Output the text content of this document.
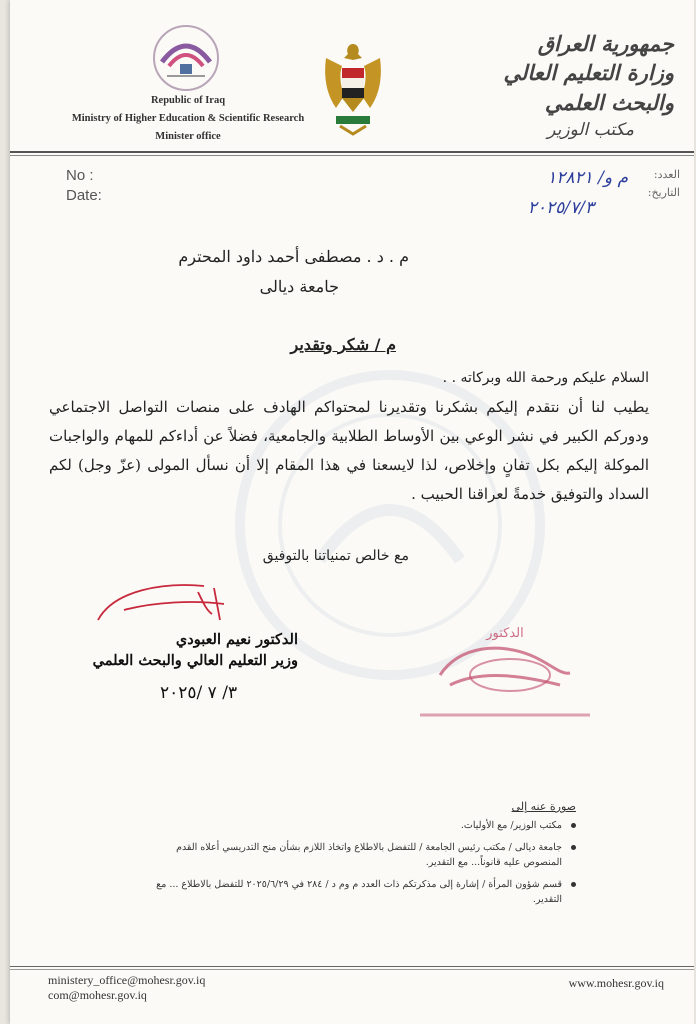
Republic of Iraq
Ministry of Higher Education & Scientific Research
Minister office
جمهورية العراق
وزارة التعليم العالي والبحث العلمي
مكتب الوزير
No :
Date:
العدد:
التاريخ:
م و/ ١٢٨٢١
٢٠٢٥/٧/٣
م . د . مصطفى أحمد داود المحترم
جامعة ديالى
م / شكر وتقدير
السلام عليكم ورحمة الله وبركاته . .
يطيب لنا أن نتقدم إليكم بشكرنا وتقديرنا لمحتواكم الهادف على منصات التواصل الاجتماعي ودوركم الكبير في نشر الوعي بين الأوساط الطلابية والجامعية، فضلاً عن أداءكم للمهام والواجبات الموكلة إليكم بكل تفانٍ وإخلاص، لذا لايسعنا في هذا المقام إلا أن نسأل المولى (عزّ وجل) لكم السداد والتوفيق خدمةً لعراقنا الحبيب .
مع خالص تمنياتنا بالتوفيق
الدكتور نعيم العبودي
وزير التعليم العالي والبحث العلمي
٣/ ٧ /٢٠٢٥
الدكتور
صورة عنه إلى
مكتب الوزير/ مع الأوليات.
جامعة ديالى / مكتب رئيس الجامعة / للتفضل بالاطلاع واتخاذ اللازم بشأن منح التدريسي أعلاه القدم المنصوص عليه قانوناً... مع التقدير.
قسم شؤون المرأة / إشارة إلى مذكرتكم ذات العدد م وم د / ٢٨٤ في ٢٠٢٥/٦/٢٩ للتفضل بالاطلاع ... مع التقدير.
ministery_office@mohesr.gov.iq
com@mohesr.gov.iq
www.mohesr.gov.iq
